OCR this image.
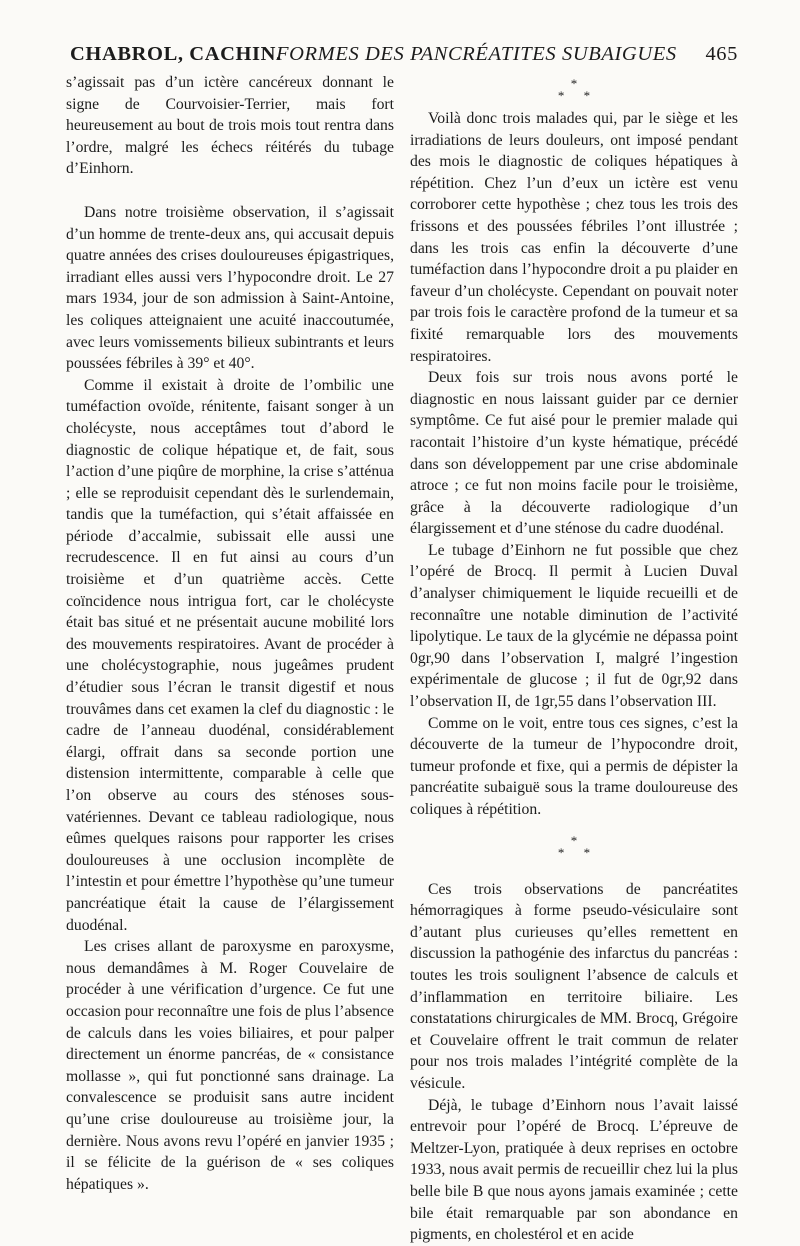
CHABROL, CACHIN.
FORMES DES PANCRÉATITES SUBAIGUES 465

s’agissait pas d’un ictère cancéreux donnant le signe de Courvoisier-Terrier, mais fort heureusement au bout de trois mois tout rentra dans l’ordre, malgré les échecs réitérés du tubage d’Einhorn.

Dans notre troisième observation, il s’agissait d’un homme de trente-deux ans, qui accusait depuis quatre années des crises douloureuses épigastriques, irradiant elles aussi vers l’hypocondre droit. Le 27 mars 1934, jour de son admission à Saint-Antoine, les coliques atteignaient une acuité inaccoutumée, avec leurs vomissements bilieux subintrants et leurs poussées fébriles à 39° et 40°.

Comme il existait à droite de l’ombilic une tuméfaction ovoïde, rénitente, faisant songer à un cholécyste, nous acceptâmes tout d’abord le diagnostic de colique hépatique et, de fait, sous l’action d’une piqûre de morphine, la crise s’atténua ; elle se reproduisit cependant dès le surlendemain, tandis que la tuméfaction, qui s’était affaissée en période d’accalmie, subissait elle aussi une recrudescence. Il en fut ainsi au cours d’un troisième et d’un quatrième accès. Cette coïncidence nous intrigua fort, car le cholécyste était bas situé et ne présentait aucune mobilité lors des mouvements respiratoires. Avant de procéder à une cholécystographie, nous jugeâmes prudent d’étudier sous l’écran le transit digestif et nous trouvâmes dans cet examen la clef du diagnostic : le cadre de l’anneau duodénal, considérablement élargi, offrait dans sa seconde portion une distension intermittente, comparable à celle que l’on observe au cours des sténoses sous-vatériennes. Devant ce tableau radiologique, nous eûmes quelques raisons pour rapporter les crises douloureuses à une occlusion incomplète de l’intestin et pour émettre l’hypothèse qu’une tumeur pancréatique était la cause de l’élargissement duodénal.

Les crises allant de paroxysme en paroxysme, nous demandâmes à M. Roger Couvelaire de procéder à une vérification d’urgence. Ce fut une occasion pour reconnaître une fois de plus l’absence de calculs dans les voies biliaires, et pour palper directement un énorme pancréas, de « consistance mollasse », qui fut ponctionné sans drainage. La convalescence se produisit sans autre incident qu’une crise douloureuse au troisième jour, la dernière. Nous avons revu l’opéré en janvier 1935 ; il se félicite de la guérison de « ses coliques hépatiques ».

*
* *

Voilà donc trois malades qui, par le siège et les irradiations de leurs douleurs, ont imposé pendant des mois le diagnostic de coliques hépatiques à répétition. Chez l’un d’eux un ictère est venu corroborer cette hypothèse ; chez tous les trois des frissons et des poussées fébriles l’ont illustrée ; dans les trois cas enfin la découverte d’une tuméfaction dans l’hypocondre droit a pu plaider en faveur d’un cholécyste. Cependant on pouvait noter par trois fois le caractère profond de la tumeur et sa fixité remarquable lors des mouvements respiratoires.

Deux fois sur trois nous avons porté le diagnostic en nous laissant guider par ce dernier symptôme. Ce fut aisé pour le premier malade qui racontait l’histoire d’un kyste hématique, précédé dans son développement par une crise abdominale atroce ; ce fut non moins facile pour le troisième, grâce à la découverte radiologique d’un élargissement et d’une sténose du cadre duodénal.

Le tubage d’Einhorn ne fut possible que chez l’opéré de Brocq. Il permit à Lucien Duval d’analyser chimiquement le liquide recueilli et de reconnaître une notable diminution de l’activité lipolytique. Le taux de la glycémie ne dépassa point 0gr,90 dans l’observation I, malgré l’ingestion expérimentale de glucose ; il fut de 0gr,92 dans l’observation II, de 1gr,55 dans l’observation III.

Comme on le voit, entre tous ces signes, c’est la découverte de la tumeur de l’hypocondre droit, tumeur profonde et fixe, qui a permis de dépister la pancréatite subaiguë sous la trame douloureuse des coliques à répétition.

*
* *

Ces trois observations de pancréatites hémorragiques à forme pseudo-vésiculaire sont d’autant plus curieuses qu’elles remettent en discussion la pathogénie des infarctus du pancréas : toutes les trois soulignent l’absence de calculs et d’inflammation en territoire biliaire. Les constatations chirurgicales de MM. Brocq, Grégoire et Couvelaire offrent le trait commun de relater pour nos trois malades l’intégrité complète de la vésicule.

Déjà, le tubage d’Einhorn nous l’avait laissé entrevoir pour l’opéré de Brocq. L’épreuve de Meltzer-Lyon, pratiquée à deux reprises en octobre 1933, nous avait permis de recueillir chez lui la plus belle bile B que nous ayons jamais examinée ; cette bile était remarquable par son abondance en pigments, en cholestérol et en acide
